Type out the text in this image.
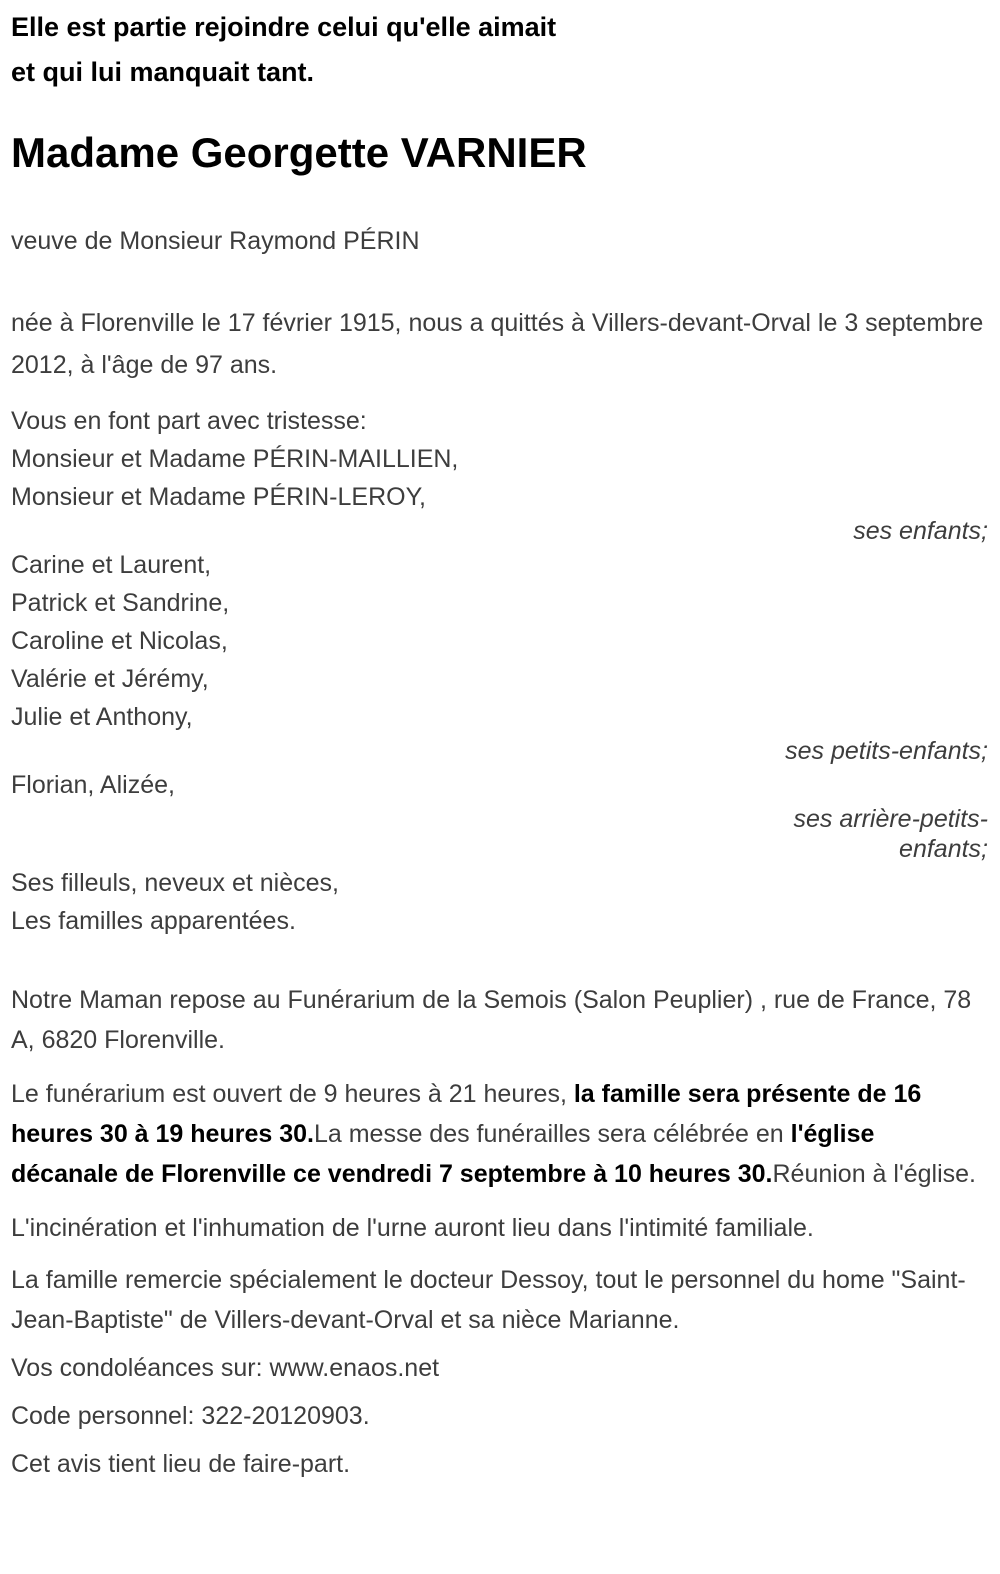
Elle est partie rejoindre celui qu'elle aimait

et qui lui manquait tant.

Madame Georgette VARNIER

veuve de Monsieur Raymond PÉRIN

née à Florenville le 17 février 1915, nous a quittés à Villers-devant-Orval le 3 septembre 2012, à l'âge de 97 ans.

Vous en font part avec tristesse:

Monsieur et Madame PÉRIN-MAILLIEN,

Monsieur et Madame PÉRIN-LEROY,

ses enfants;

Carine et Laurent,

Patrick et Sandrine,

Caroline et Nicolas,

Valérie et Jérémy,

Julie et Anthony,

ses petits-enfants;

Florian, Alizée,

ses arrière-petits-enfants;

Ses filleuls, neveux et nièces,

Les familles apparentées.

Notre Maman repose au Funérarium de la Semois (Salon Peuplier) , rue de France, 78 A, 6820 Florenville.

Le funérarium est ouvert de 9 heures à 21 heures, la famille sera présente de 16 heures 30 à 19 heures 30.La messe des funérailles sera célébrée en l'église décanale de Florenville ce vendredi 7 septembre à 10 heures 30.Réunion à l'église.

L'incinération et l'inhumation de l'urne auront lieu dans l'intimité familiale.

La famille remercie spécialement le docteur Dessoy, tout le personnel du home "Saint-Jean-Baptiste" de Villers-devant-Orval et sa nièce Marianne.

Vos condoléances sur: www.enaos.net

Code personnel: 322-20120903.

Cet avis tient lieu de faire-part.
